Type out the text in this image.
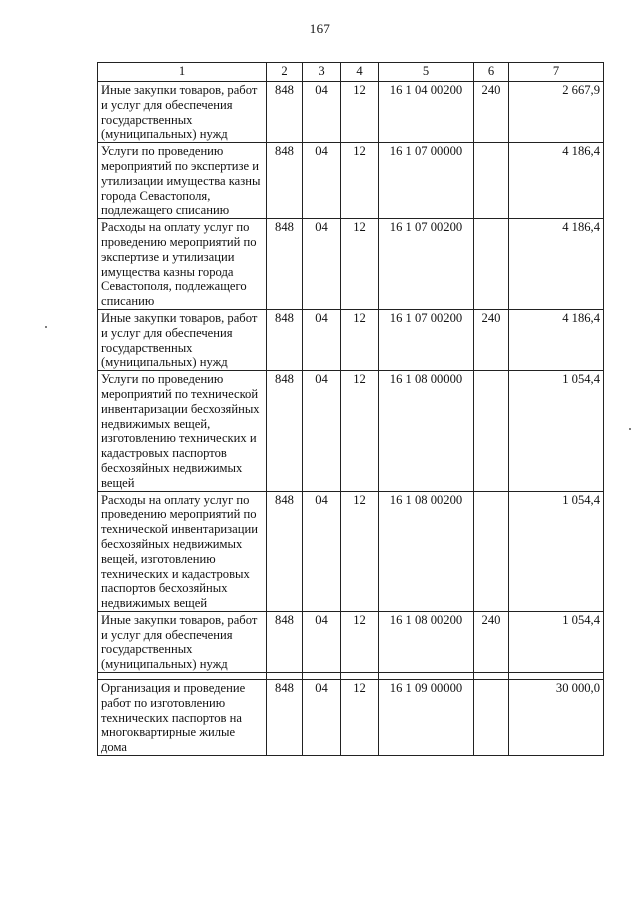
167
1	2	3	4	5	6	7
Иные закупки товаров, работ и услуг для обеспечения государственных (муниципальных) нужд	848	04	12	16 1 04 00200	240	2 667,9
Услуги по проведению мероприятий по экспертизе и утилизации имущества казны города Севастополя, подлежащего списанию	848	04	12	16 1 07 00000		4 186,4
Расходы на оплату услуг по проведению мероприятий по экспертизе и утилизации имущества казны города Севастополя, подлежащего списанию	848	04	12	16 1 07 00200		4 186,4
Иные закупки товаров, работ и услуг для обеспечения государственных (муниципальных) нужд	848	04	12	16 1 07 00200	240	4 186,4
Услуги по проведению мероприятий по технической инвентаризации бесхозяйных недвижимых вещей, изготовлению технических и кадастровых паспортов бесхозяйных недвижимых вещей	848	04	12	16 1 08 00000		1 054,4
Расходы на оплату услуг по проведению мероприятий по технической инвентаризации бесхозяйных недвижимых вещей, изготовлению технических и кадастровых паспортов бесхозяйных недвижимых вещей	848	04	12	16 1 08 00200		1 054,4
Иные закупки товаров, работ и услуг для обеспечения государственных (муниципальных) нужд	848	04	12	16 1 08 00200	240	1 054,4

Организация и проведение работ по изготовлению технических паспортов на многоквартирные жилые дома	848	04	12	16 1 09 00000		30 000,0
